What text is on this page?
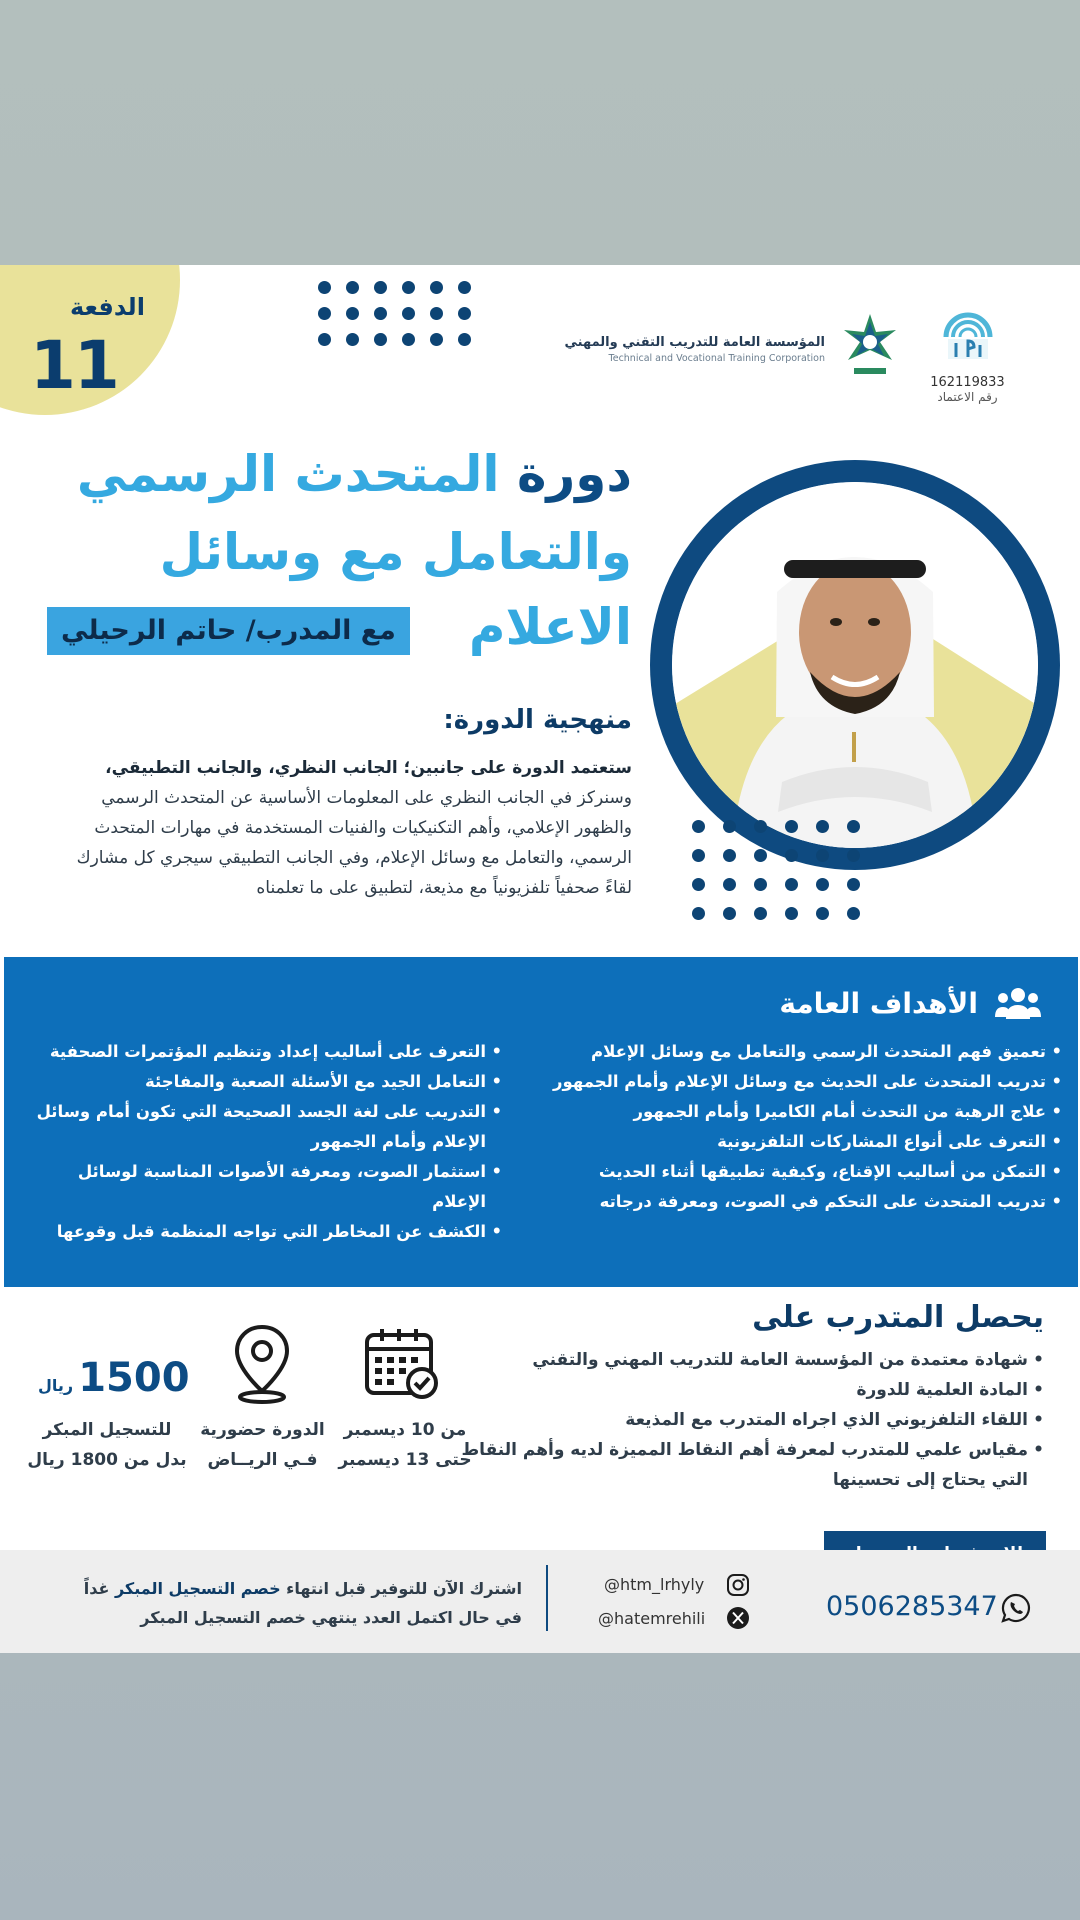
الدفعة
11	المؤسسة العامة للتدريب التقني والمهني
Technical and Vocational Training Corporation
162119833
رقم الاعتماد
دورة المتحدث الرسمي
والتعامل مع وسائل
الاعلام
مع المدرب/ حاتم الرحيلي
منهجية الدورة:
ستعتمد الدورة على جانبين؛ الجانب النظري، والجانب التطبيقي، وسنركز في الجانب النظري على المعلومات الأساسية عن المتحدث الرسمي والظهور الإعلامي، وأهم التكنيكيات والفنيات المستخدمة في مهارات المتحدث الرسمي، والتعامل مع وسائل الإعلام، وفي الجانب التطبيقي سيجري كل مشارك لقاءً صحفياً تلفزيونياً مع مذيعة، لتطبيق على ما تعلمناه
الأهداف العامة
• تعميق فهم المتحدث الرسمي والتعامل مع وسائل الإعلام
• تدريب المتحدث على الحديث مع وسائل الإعلام وأمام الجمهور
• علاج الرهبة من التحدث أمام الكاميرا وأمام الجمهور
• التعرف على أنواع المشاركات التلفزيونية
• التمكن من أساليب الإقناع، وكيفية تطبيقها أثناء الحديث
• تدريب المتحدث على التحكم في الصوت، ومعرفة درجاته
• التعرف على أساليب إعداد وتنظيم المؤتمرات الصحفية
• التعامل الجيد مع الأسئلة الصعبة والمفاجئة
• التدريب على لغة الجسد الصحيحة التي تكون أمام وسائل الإعلام وأمام الجمهور
• استثمار الصوت، ومعرفة الأصوات المناسبة لوسائل الإعلام
• الكشف عن المخاطر التي تواجه المنظمة قبل وقوعها
يحصل المتدرب على
• شهادة معتمدة من المؤسسة العامة للتدريب المهني والتقني
• المادة العلمية للدورة
• اللقاء التلفزيوني الذي اجراه المتدرب مع المذيعة
• مقياس علمي للمتدرب لمعرفة أهم النقاط المميزة لديه وأهم النقاط التي يحتاج إلى تحسينها
من 10 ديسمبر
حتى 13 ديسمبر
الدورة حضورية
فـي الريــاض
1500 ريال
للتسجيل المبكر
بدل من 1800 ريال
0506285347
@htm_lrhyly
@hatemrehili
اشترك الآن للتوفير قبل انتهاء خصم التسجيل المبكر غداً
في حال اكتمل العدد ينتهي خصم التسجيل المبكر
